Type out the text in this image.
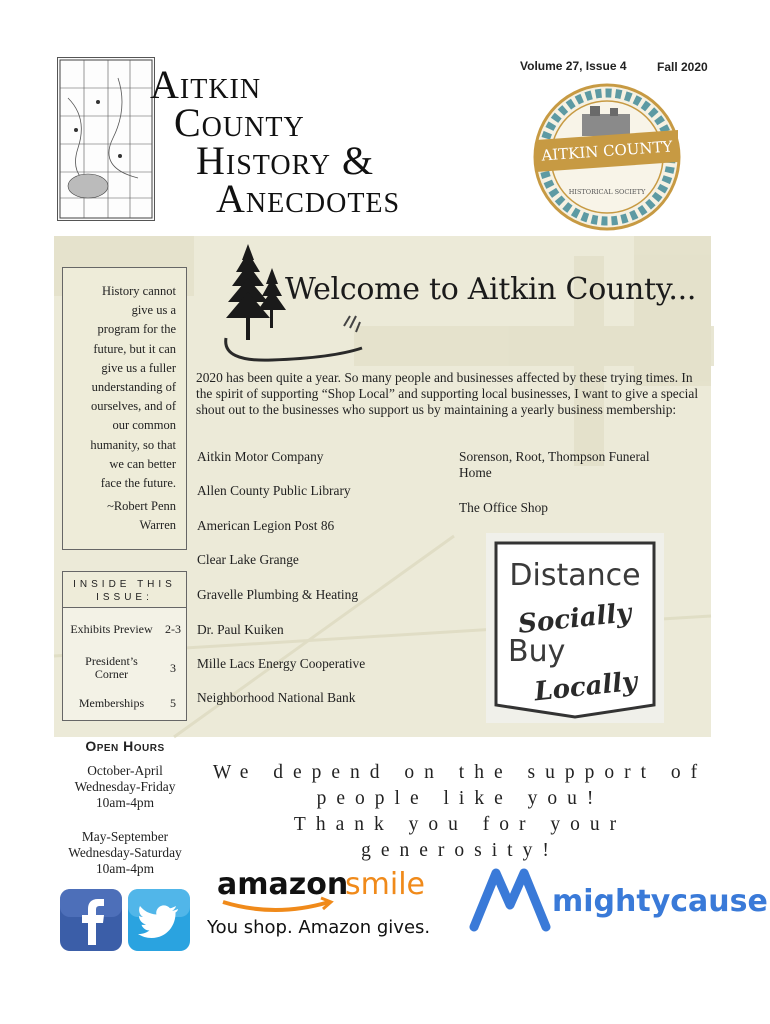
Aitkin
County
History &
Anecdotes
Volume 27, Issue 4	Fall 2020
AITKIN COUNTY
HISTORICAL SOCIETY
History cannot
give us a
program for the
future, but it can
give us a fuller
understanding of
ourselves, and of
our common
humanity, so that
we can better
face the future.
~Robert Penn
Warren
INSIDE THIS
ISSUE:
Exhibits Preview	2-3
President’s
Corner	3
Memberships	5
Welcome to Aitkin County...
2020 has been quite a year. So many people and businesses affected by these trying times. In the spirit of supporting “Shop Local” and supporting local businesses, I want to give a special shout out to the businesses who support us by maintaining a yearly business membership:
Aitkin Motor Company
Allen County Public Library
American Legion Post 86
Clear Lake Grange
Gravelle Plumbing & Heating
Dr. Paul Kuiken
Mille Lacs Energy Cooperative
Neighborhood National Bank
Sorenson, Root, Thompson Funeral Home
The Office Shop
Distance
Socially
Buy
Locally
Open Hours
October-April
Wednesday-Friday
10am-4pm
May-September
Wednesday-Saturday
10am-4pm
We depend on the support of
people like you!
Thank you for your generosity!
amazon
smile
You shop. Amazon gives.
mightycause
